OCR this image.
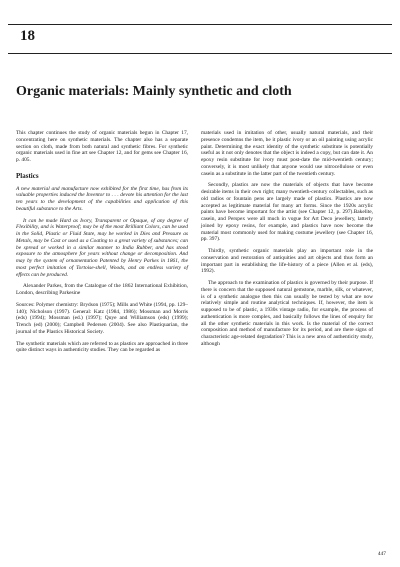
18
Organic materials: Mainly synthetic and cloth

This chapter continues the study of organic materials begun in Chapter 17, concentrating here on synthetic materials. The chapter also has a separate section on cloth, made from both natural and synthetic fibres. For synthetic organic materials used in fine art see Chapter 12, and for gems see Chapter 16, p. 405.

Plastics

A new material and manufacture now exhibited for the first time, has from its valuable properties induced the Inventor to . . . devote his attention for the last ten years to the development of the capabilities and application of this beautiful substance to the Arts.

It can be made Hard as Ivory, Transparent or Opaque, of any degree of Flexibility, and is Waterproof; may be of the most Brilliant Colors, can be used in the Solid, Plastic or Fluid State, may be worked in Dies and Pressure as Metals, may be Cast or used as a Coating to a great variety of substances; can be spread or worked in a similar manner to India Rubber, and has stood exposure to the atmosphere for years without change or decomposition. And may by the system of ornamentation Patented by Henry Parkes in 1861, the most perfect imitation of Tortoise-shell, Woods, and an endless variety of effects can be produced.

Alexander Parkes, from the Catalogue of the 1862 International Exhibition, London, describing Parkesine

Sources: Polymer chemistry: Brydson (1975); Mills and White (1994, pp. 129–140); Nicholson (1997). General: Katz (1984, 1986); Mossman and Morris (eds) (1994); Mossman (ed.) (1997); Quye and Williamson (eds) (1999); Trench (ed) (2000); Campbell Pedersen (2004). See also Plastiquarian, the journal of the Plastics Historical Society.

The synthetic materials which are referred to as plastics are approached in three quite distinct ways in authenticity studies. They can be regarded as

materials used in imitation of other, usually natural materials, and their presence condemns the item, be it plastic ivory or an oil painting using acrylic paint. Determining the exact identity of the synthetic substitute is potentially useful as it not only denotes that the object is indeed a copy, but can date it. An epoxy resin substitute for ivory must post-date the mid-twentieth century; conversely, it is most unlikely that anyone would use nitrocellulose or even casein as a substitute in the latter part of the twentieth century.

Secondly, plastics are now the materials of objects that have become desirable items in their own right; many twentieth-century collectables, such as old radios or fountain pens are largely made of plastics. Plastics are now accepted as legitimate material for many art forms. Since the 1920s acrylic paints have become important for the artist (see Chapter 12, p. 297).Bakelite, casein, and Perspex were all much in vogue for Art Deco jewellery, latterly joined by epoxy resins, for example, and plastics have now become the material most commonly used for making costume jewellery (see Chapter 16, pp. 397).

Thirdly, synthetic organic materials play an important role in the conservation and restoration of antiquities and art objects and thus form an important part in establishing the life-history of a piece (Allen et al. (eds), 1992).

The approach to the examination of plastics is governed by their purpose. If there is concern that the supposed natural gemstone, marble, silk, or whatever, is of a synthetic analogue then this can usually be tested by what are now relatively simple and routine analytical techniques. If, however, the item is supposed to be of plastic, a 1930s vintage radio, for example, the process of authentication is more complex, and basically follows the lines of enquiry for all the other synthetic materials in this work. Is the material of the correct composition and method of manufacture for its period, and are there signs of characteristic age-related degradation? This is a new area of authenticity study, although

447
